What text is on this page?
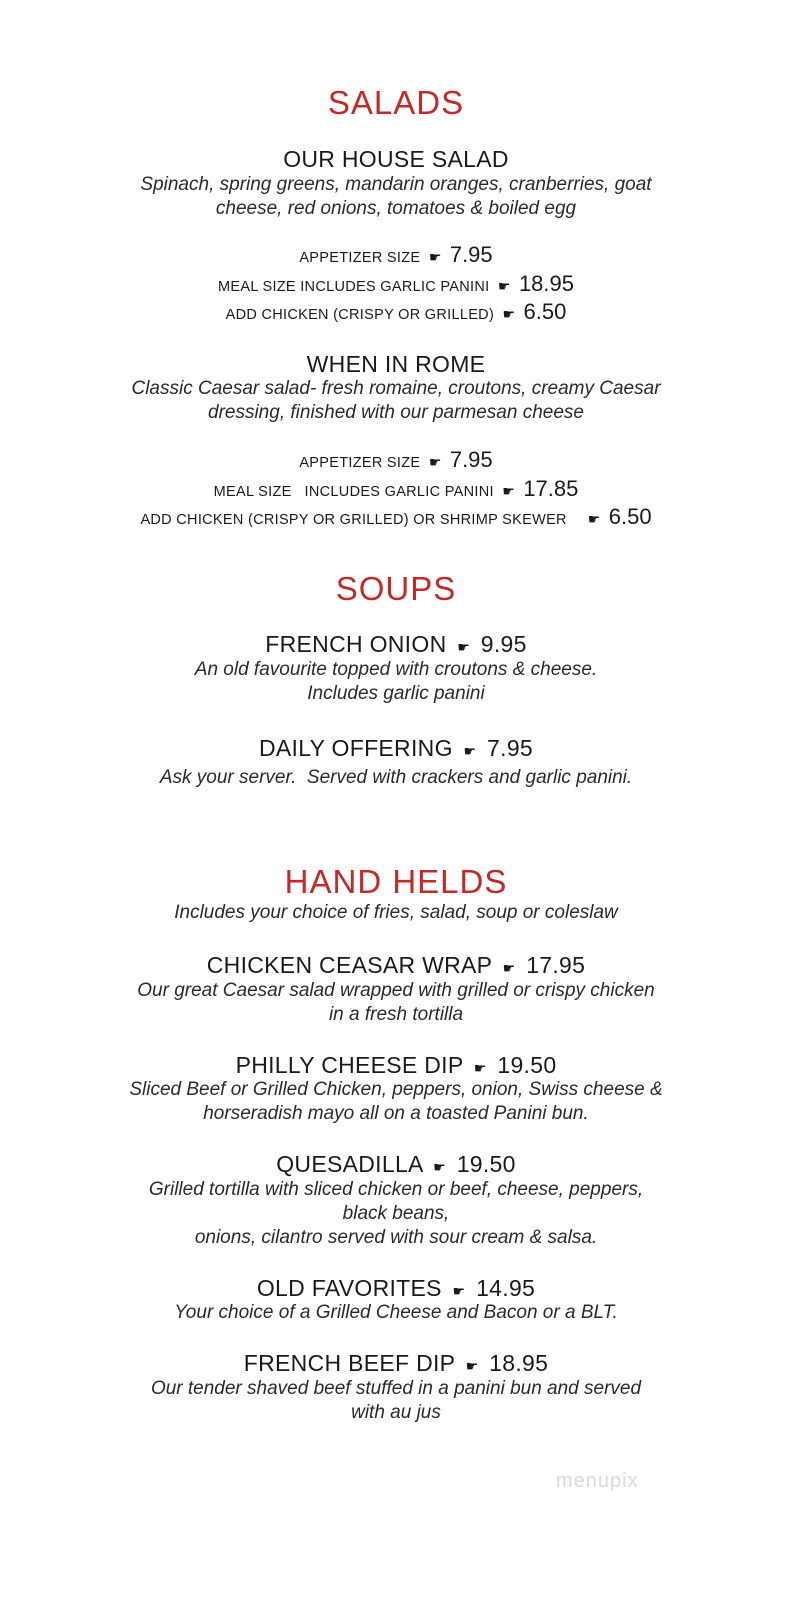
SALADS
OUR HOUSE SALAD
Spinach, spring greens, mandarin oranges, cranberries, goat
cheese, red onions, tomatoes & boiled egg
APPETIZER SIZE ☛ 7.95
MEAL SIZE INCLUDES GARLIC PANINI ☛ 18.95
ADD CHICKEN (CRISPY OR GRILLED) ☛ 6.50
WHEN IN ROME
Classic Caesar salad- fresh romaine, croutons, creamy Caesar
dressing, finished with our parmesan cheese
APPETIZER SIZE ☛ 7.95
MEAL SIZE   INCLUDES GARLIC PANINI ☛ 17.85
ADD CHICKEN (CRISPY OR GRILLED) OR SHRIMP SKEWER ☛ 6.50
SOUPS
FRENCH ONION ☛ 9.95
An old favourite topped with croutons & cheese.
Includes garlic panini
DAILY OFFERING ☛ 7.95
Ask your server.  Served with crackers and garlic panini.
HAND HELDS
Includes your choice of fries, salad, soup or coleslaw
CHICKEN CEASAR WRAP ☛ 17.95
Our great Caesar salad wrapped with grilled or crispy chicken
in a fresh tortilla
PHILLY CHEESE DIP ☛ 19.50
Sliced Beef or Grilled Chicken, peppers, onion, Swiss cheese &
horseradish mayo all on a toasted Panini bun.
QUESADILLA ☛ 19.50
Grilled tortilla with sliced chicken or beef, cheese, peppers,
black beans,
onions, cilantro served with sour cream & salsa.
OLD FAVORITES ☛ 14.95
Your choice of a Grilled Cheese and Bacon or a BLT.
FRENCH BEEF DIP ☛ 18.95
Our tender shaved beef stuffed in a panini bun and served
with au jus
menupix
